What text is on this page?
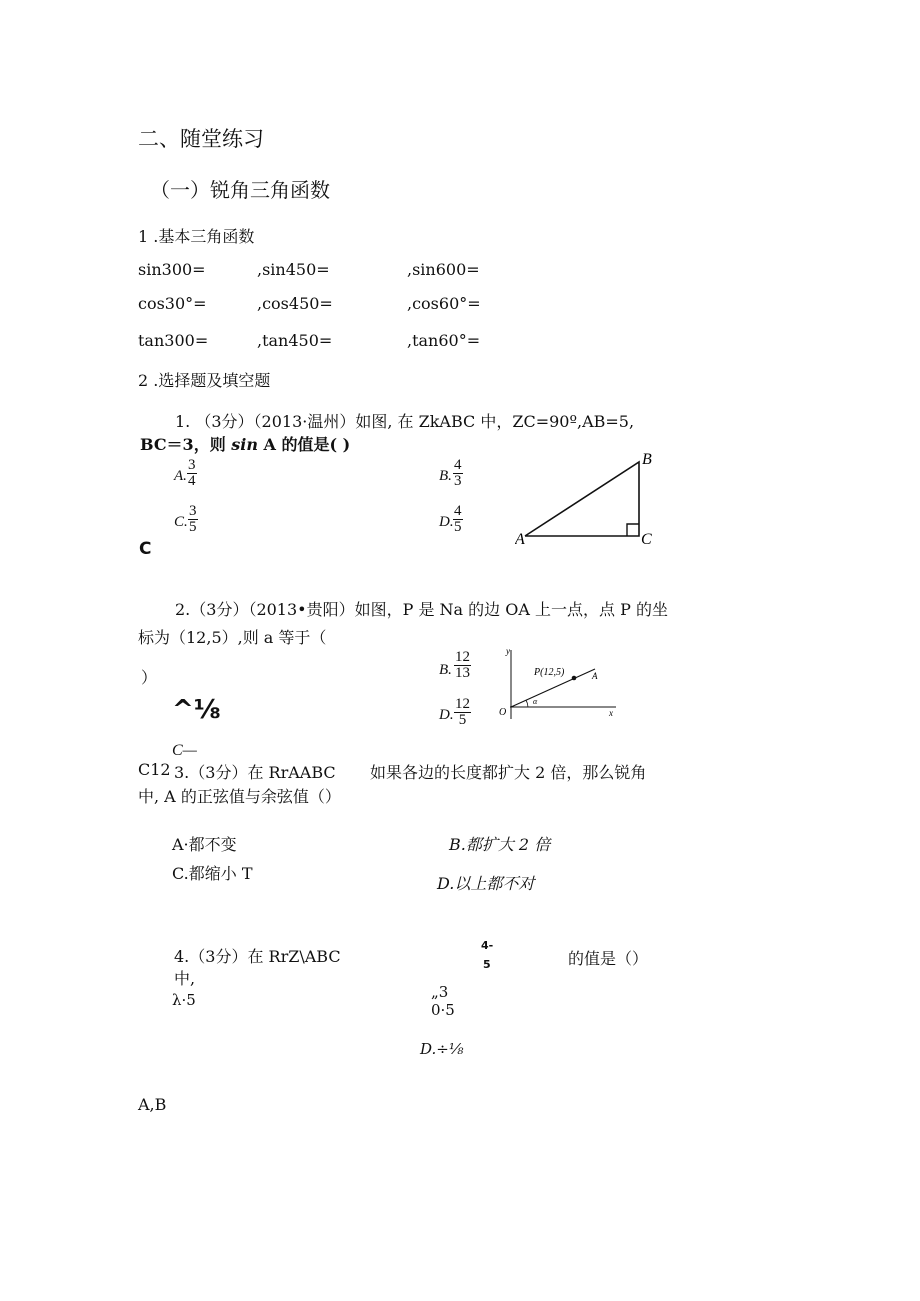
二、随堂练习
（一）锐角三角函数
1 .基本三角函数
sin300=	,sin450=	,sin600=
cos30°=	,cos450=	,cos60°=
tan300=	,tan450=	,tan60°=
2 .选择题及填空题
1. （3分）（2013·温州）如图, 在 ZkABC 中，ZC=90º,AB=5,
BC＝3，则 sin A 的值是( )
A. $\frac{3}{4}$	B. $\frac{4}{3}$
C. $\frac{3}{5}$	D. $\frac{4}{5}$
C	A
B
C
2.（3分）（2013•贵阳）如图，P 是 Na 的边 OA 上一点，点 P 的坐
标为（12,5）,则 a 等于（
）	B. $\frac{12}{13}$
D. $\frac{12}{5}$
^⅛
C—
y
x
O
α
P(12,5)	A
C12 3.（3分）在 RrAABC 如果各边的长度都扩大 2 倍，那么锐角
中, A 的正弦值与余弦值（）
A·都不变	B.都扩大 2 倍
C.都缩小 T
D.以上都不对
4.（3分）在 RrZ\ABC
中,
4-
5	的值是（）
λ·5	„3
0·5
D.÷⅛
A,B
